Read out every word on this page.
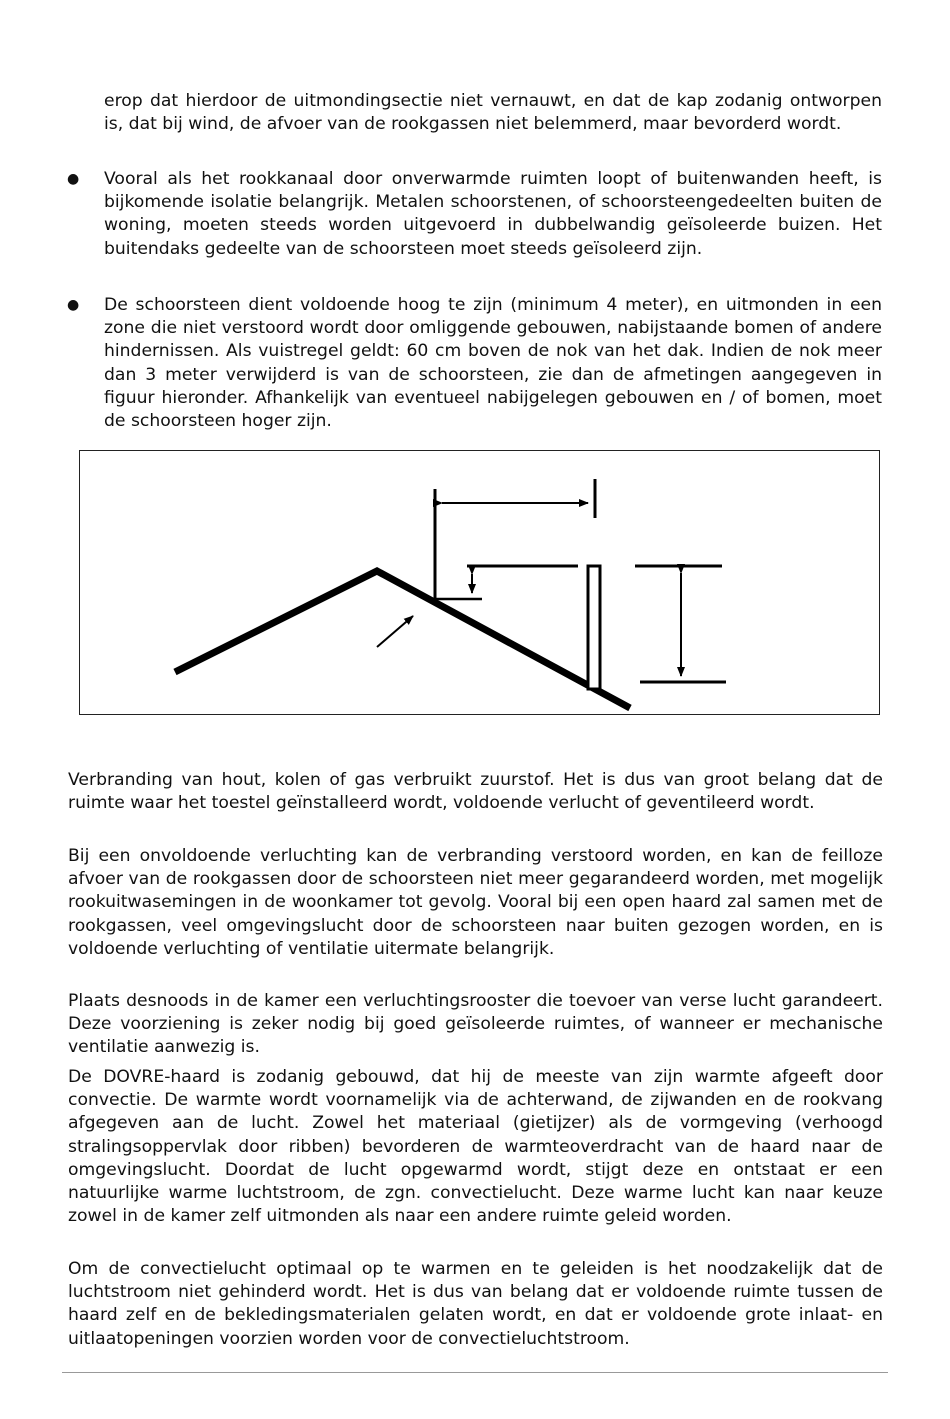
erop dat hierdoor de uitmondingsectie niet vernauwt, en dat de kap zodanig ontworpen is, dat bij wind, de afvoer van de rookgassen niet belemmerd, maar bevorderd wordt.

● Vooral als het rookkanaal door onverwarmde ruimten loopt of buitenwanden heeft, is bijkomende isolatie belangrijk. Metalen schoorstenen, of schoorsteengedeelten buiten de woning, moeten steeds worden uitgevoerd in dubbelwandig geïsoleerde buizen. Het buitendaks gedeelte van de schoorsteen moet steeds geïsoleerd zijn.

● De schoorsteen dient voldoende hoog te zijn (minimum 4 meter), en uitmonden in een zone die niet verstoord wordt door omliggende gebouwen, nabijstaande bomen of andere hindernissen. Als vuistregel geldt: 60 cm boven de nok van het dak. Indien de nok meer dan 3 meter verwijderd is van de schoorsteen, zie dan de afmetingen aangegeven in figuur hieronder. Afhankelijk van eventueel nabijgelegen gebouwen en / of bomen, moet de schoorsteen hoger zijn.

Verbranding van hout, kolen of gas verbruikt zuurstof. Het is dus van groot belang dat de ruimte waar het toestel geïnstalleerd wordt, voldoende verlucht of geventileerd wordt.

Bij een onvoldoende verluchting kan de verbranding verstoord worden, en kan de feilloze afvoer van de rookgassen door de schoorsteen niet meer gegarandeerd worden, met mogelijk rookuitwasemingen in de woonkamer tot gevolg. Vooral bij een open haard zal samen met de rookgassen, veel omgevingslucht door de schoorsteen naar buiten gezogen worden, en is voldoende verluchting of ventilatie uitermate belangrijk.

Plaats desnoods in de kamer een verluchtingsrooster die toevoer van verse lucht garandeert. Deze voorziening is zeker nodig bij goed geïsoleerde ruimtes, of wanneer er mechanische ventilatie aanwezig is.

De DOVRE-haard is zodanig gebouwd, dat hij de meeste van zijn warmte afgeeft door convectie. De warmte wordt voornamelijk via de achterwand, de zijwanden en de rookvang afgegeven aan de lucht. Zowel het materiaal (gietijzer) als de vormgeving (verhoogd stralingsoppervlak door ribben) bevorderen de warmteoverdracht van de haard naar de omgevingslucht. Doordat de lucht opgewarmd wordt, stijgt deze en ontstaat er een natuurlijke warme luchtstroom, de zgn. convectielucht. Deze warme lucht kan naar keuze zowel in de kamer zelf uitmonden als naar een andere ruimte geleid worden.

Om de convectielucht optimaal op te warmen en te geleiden is het noodzakelijk dat de luchtstroom niet gehinderd wordt. Het is dus van belang dat er voldoende ruimte tussen de haard zelf en de bekledingsmaterialen gelaten wordt, en dat er voldoende grote inlaat- en uitlaatopeningen voorzien worden voor de convectieluchtstroom.
